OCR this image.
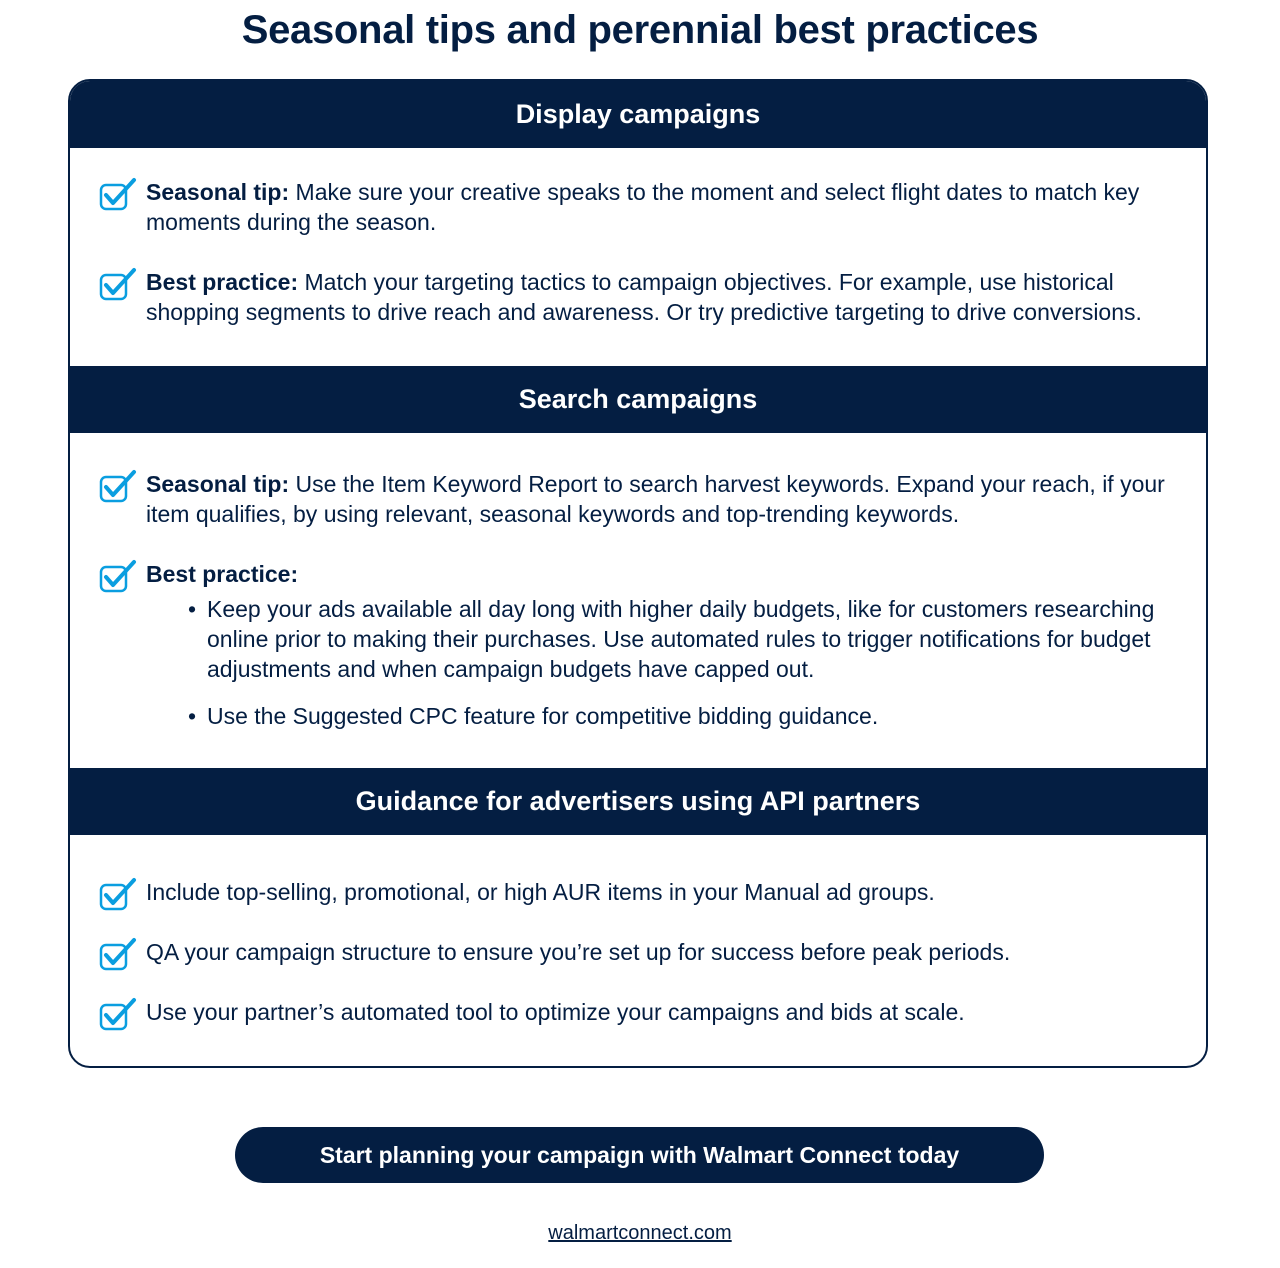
Seasonal tips and perennial best practices
Display campaigns
Seasonal tip: Make sure your creative speaks to the moment and select flight dates to match key moments during the season.
Best practice: Match your targeting tactics to campaign objectives. For example, use historical shopping segments to drive reach and awareness. Or try predictive targeting to drive conversions.
Search campaigns
Seasonal tip: Use the Item Keyword Report to search harvest keywords. Expand your reach, if your item qualifies, by using relevant, seasonal keywords and top-trending keywords.
Best practice:
• Keep your ads available all day long with higher daily budgets, like for customers researching online prior to making their purchases. Use automated rules to trigger notifications for budget adjustments and when campaign budgets have capped out.
• Use the Suggested CPC feature for competitive bidding guidance.
Guidance for advertisers using API partners
Include top-selling, promotional, or high AUR items in your Manual ad groups.
QA your campaign structure to ensure you’re set up for success before peak periods.
Use your partner’s automated tool to optimize your campaigns and bids at scale.
Start planning your campaign with Walmart Connect today
walmartconnect.com
